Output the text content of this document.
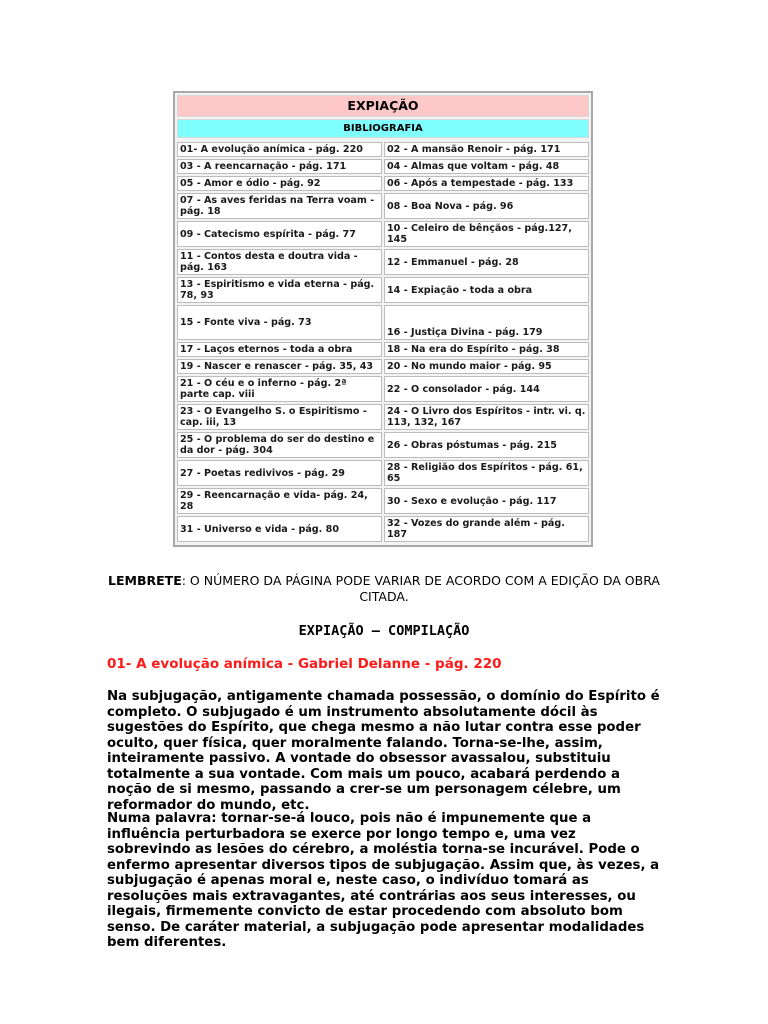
EXPIAÇÃO
BIBLIOGRAFIA
01- A evolução anímica - pág. 220	02 - A mansão Renoir - pág. 171
03 - A reencarnação - pág. 171	04 - Almas que voltam - pág. 48
05 - Amor e ódio - pág. 92	06 - Após a tempestade - pág. 133
07 - As aves feridas na Terra voam - pág. 18	08 - Boa Nova - pág. 96
09 - Catecismo espírita - pág. 77	10 - Celeiro de bênçãos - pág.127, 145
11 - Contos desta e doutra vida - pág. 163	12 - Emmanuel - pág. 28
13 - Espiritismo e vida eterna - pág. 78, 93	14 - Expiação - toda a obra
15 - Fonte viva - pág. 73	16 - Justiça Divina - pág. 179
17 - Laços eternos - toda a obra	18 - Na era do Espírito - pág. 38
19 - Nascer e renascer - pág. 35, 43	20 - No mundo maior - pág. 95
21 - O céu e o inferno - pág. 2ª parte cap. viii	22 - O consolador - pág. 144
23 - O Evangelho S. o Espiritismo - cap. iii, 13	24 - O Livro dos Espíritos - intr. vi. q. 113, 132, 167
25 - O problema do ser do destino e da dor - pág. 304	26 - Obras póstumas - pág. 215
27 - Poetas redivivos - pág. 29	28 - Religião dos Espíritos - pág. 61, 65
29 - Reencarnação e vida- pág. 24, 28	30 - Sexo e evolução - pág. 117
31 - Universo e vida - pág. 80	32 - Vozes do grande além - pág. 187
LEMBRETE: O NÚMERO DA PÁGINA PODE VARIAR DE ACORDO COM A EDIÇÃO DA OBRA CITADA.
EXPIAÇÃO – COMPILAÇÃO
01- A evolução anímica - Gabriel Delanne - pág. 220

Na subjugação, antigamente chamada possessão, o domínio do Espírito é completo. O subjugado é um instrumento absolutamente dócil às sugestões do Espírito, que chega mesmo a não lutar contra esse poder oculto, quer física, quer moralmente falando. Torna-se-lhe, assim, inteiramente passivo. A vontade do obsessor avassalou, substituiu totalmente a sua vontade. Com mais um pouco, acabará perdendo a noção de si mesmo, passando a crer-se um personagem célebre, um reformador do mundo, etc.

Numa palavra: tornar-se-á louco, pois não é impunemente que a influência perturbadora se exerce por longo tempo e, uma vez sobrevindo as lesões do cérebro, a moléstia torna-se incurável. Pode o enfermo apresentar diversos tipos de subjugação. Assim que, às vezes, a subjugação é apenas moral e, neste caso, o indivíduo tomará as resoluções mais extravagantes, até contrárias aos seus interesses, ou ilegais, firmemente convicto de estar procedendo com absoluto bom senso. De caráter material, a subjugação pode apresentar modalidades bem diferentes.
